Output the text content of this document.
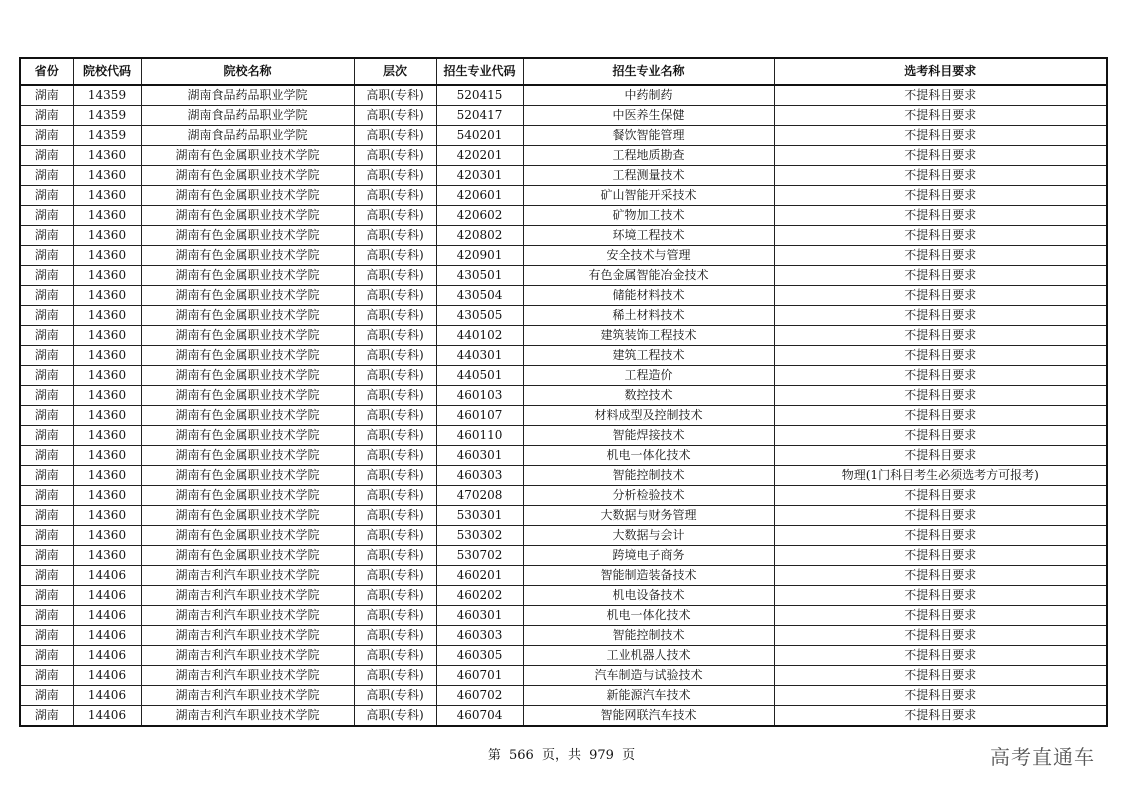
省份	院校代码	院校名称	层次	招生专业代码	招生专业名称	选考科目要求
湖南	14359	湖南食品药品职业学院	高职(专科)	520415	中药制药	不提科目要求
湖南	14359	湖南食品药品职业学院	高职(专科)	520417	中医养生保健	不提科目要求
湖南	14359	湖南食品药品职业学院	高职(专科)	540201	餐饮智能管理	不提科目要求
湖南	14360	湖南有色金属职业技术学院	高职(专科)	420201	工程地质勘查	不提科目要求
湖南	14360	湖南有色金属职业技术学院	高职(专科)	420301	工程测量技术	不提科目要求
湖南	14360	湖南有色金属职业技术学院	高职(专科)	420601	矿山智能开采技术	不提科目要求
湖南	14360	湖南有色金属职业技术学院	高职(专科)	420602	矿物加工技术	不提科目要求
湖南	14360	湖南有色金属职业技术学院	高职(专科)	420802	环境工程技术	不提科目要求
湖南	14360	湖南有色金属职业技术学院	高职(专科)	420901	安全技术与管理	不提科目要求
湖南	14360	湖南有色金属职业技术学院	高职(专科)	430501	有色金属智能冶金技术	不提科目要求
湖南	14360	湖南有色金属职业技术学院	高职(专科)	430504	储能材料技术	不提科目要求
湖南	14360	湖南有色金属职业技术学院	高职(专科)	430505	稀土材料技术	不提科目要求
湖南	14360	湖南有色金属职业技术学院	高职(专科)	440102	建筑装饰工程技术	不提科目要求
湖南	14360	湖南有色金属职业技术学院	高职(专科)	440301	建筑工程技术	不提科目要求
湖南	14360	湖南有色金属职业技术学院	高职(专科)	440501	工程造价	不提科目要求
湖南	14360	湖南有色金属职业技术学院	高职(专科)	460103	数控技术	不提科目要求
湖南	14360	湖南有色金属职业技术学院	高职(专科)	460107	材料成型及控制技术	不提科目要求
湖南	14360	湖南有色金属职业技术学院	高职(专科)	460110	智能焊接技术	不提科目要求
湖南	14360	湖南有色金属职业技术学院	高职(专科)	460301	机电一体化技术	不提科目要求
湖南	14360	湖南有色金属职业技术学院	高职(专科)	460303	智能控制技术	物理(1门科目考生必须选考方可报考)
湖南	14360	湖南有色金属职业技术学院	高职(专科)	470208	分析检验技术	不提科目要求
湖南	14360	湖南有色金属职业技术学院	高职(专科)	530301	大数据与财务管理	不提科目要求
湖南	14360	湖南有色金属职业技术学院	高职(专科)	530302	大数据与会计	不提科目要求
湖南	14360	湖南有色金属职业技术学院	高职(专科)	530702	跨境电子商务	不提科目要求
湖南	14406	湖南吉利汽车职业技术学院	高职(专科)	460201	智能制造装备技术	不提科目要求
湖南	14406	湖南吉利汽车职业技术学院	高职(专科)	460202	机电设备技术	不提科目要求
湖南	14406	湖南吉利汽车职业技术学院	高职(专科)	460301	机电一体化技术	不提科目要求
湖南	14406	湖南吉利汽车职业技术学院	高职(专科)	460303	智能控制技术	不提科目要求
湖南	14406	湖南吉利汽车职业技术学院	高职(专科)	460305	工业机器人技术	不提科目要求
湖南	14406	湖南吉利汽车职业技术学院	高职(专科)	460701	汽车制造与试验技术	不提科目要求
湖南	14406	湖南吉利汽车职业技术学院	高职(专科)	460702	新能源汽车技术	不提科目要求
湖南	14406	湖南吉利汽车职业技术学院	高职(专科)	460704	智能网联汽车技术	不提科目要求
第 566 页，共 979 页	高考直通车
